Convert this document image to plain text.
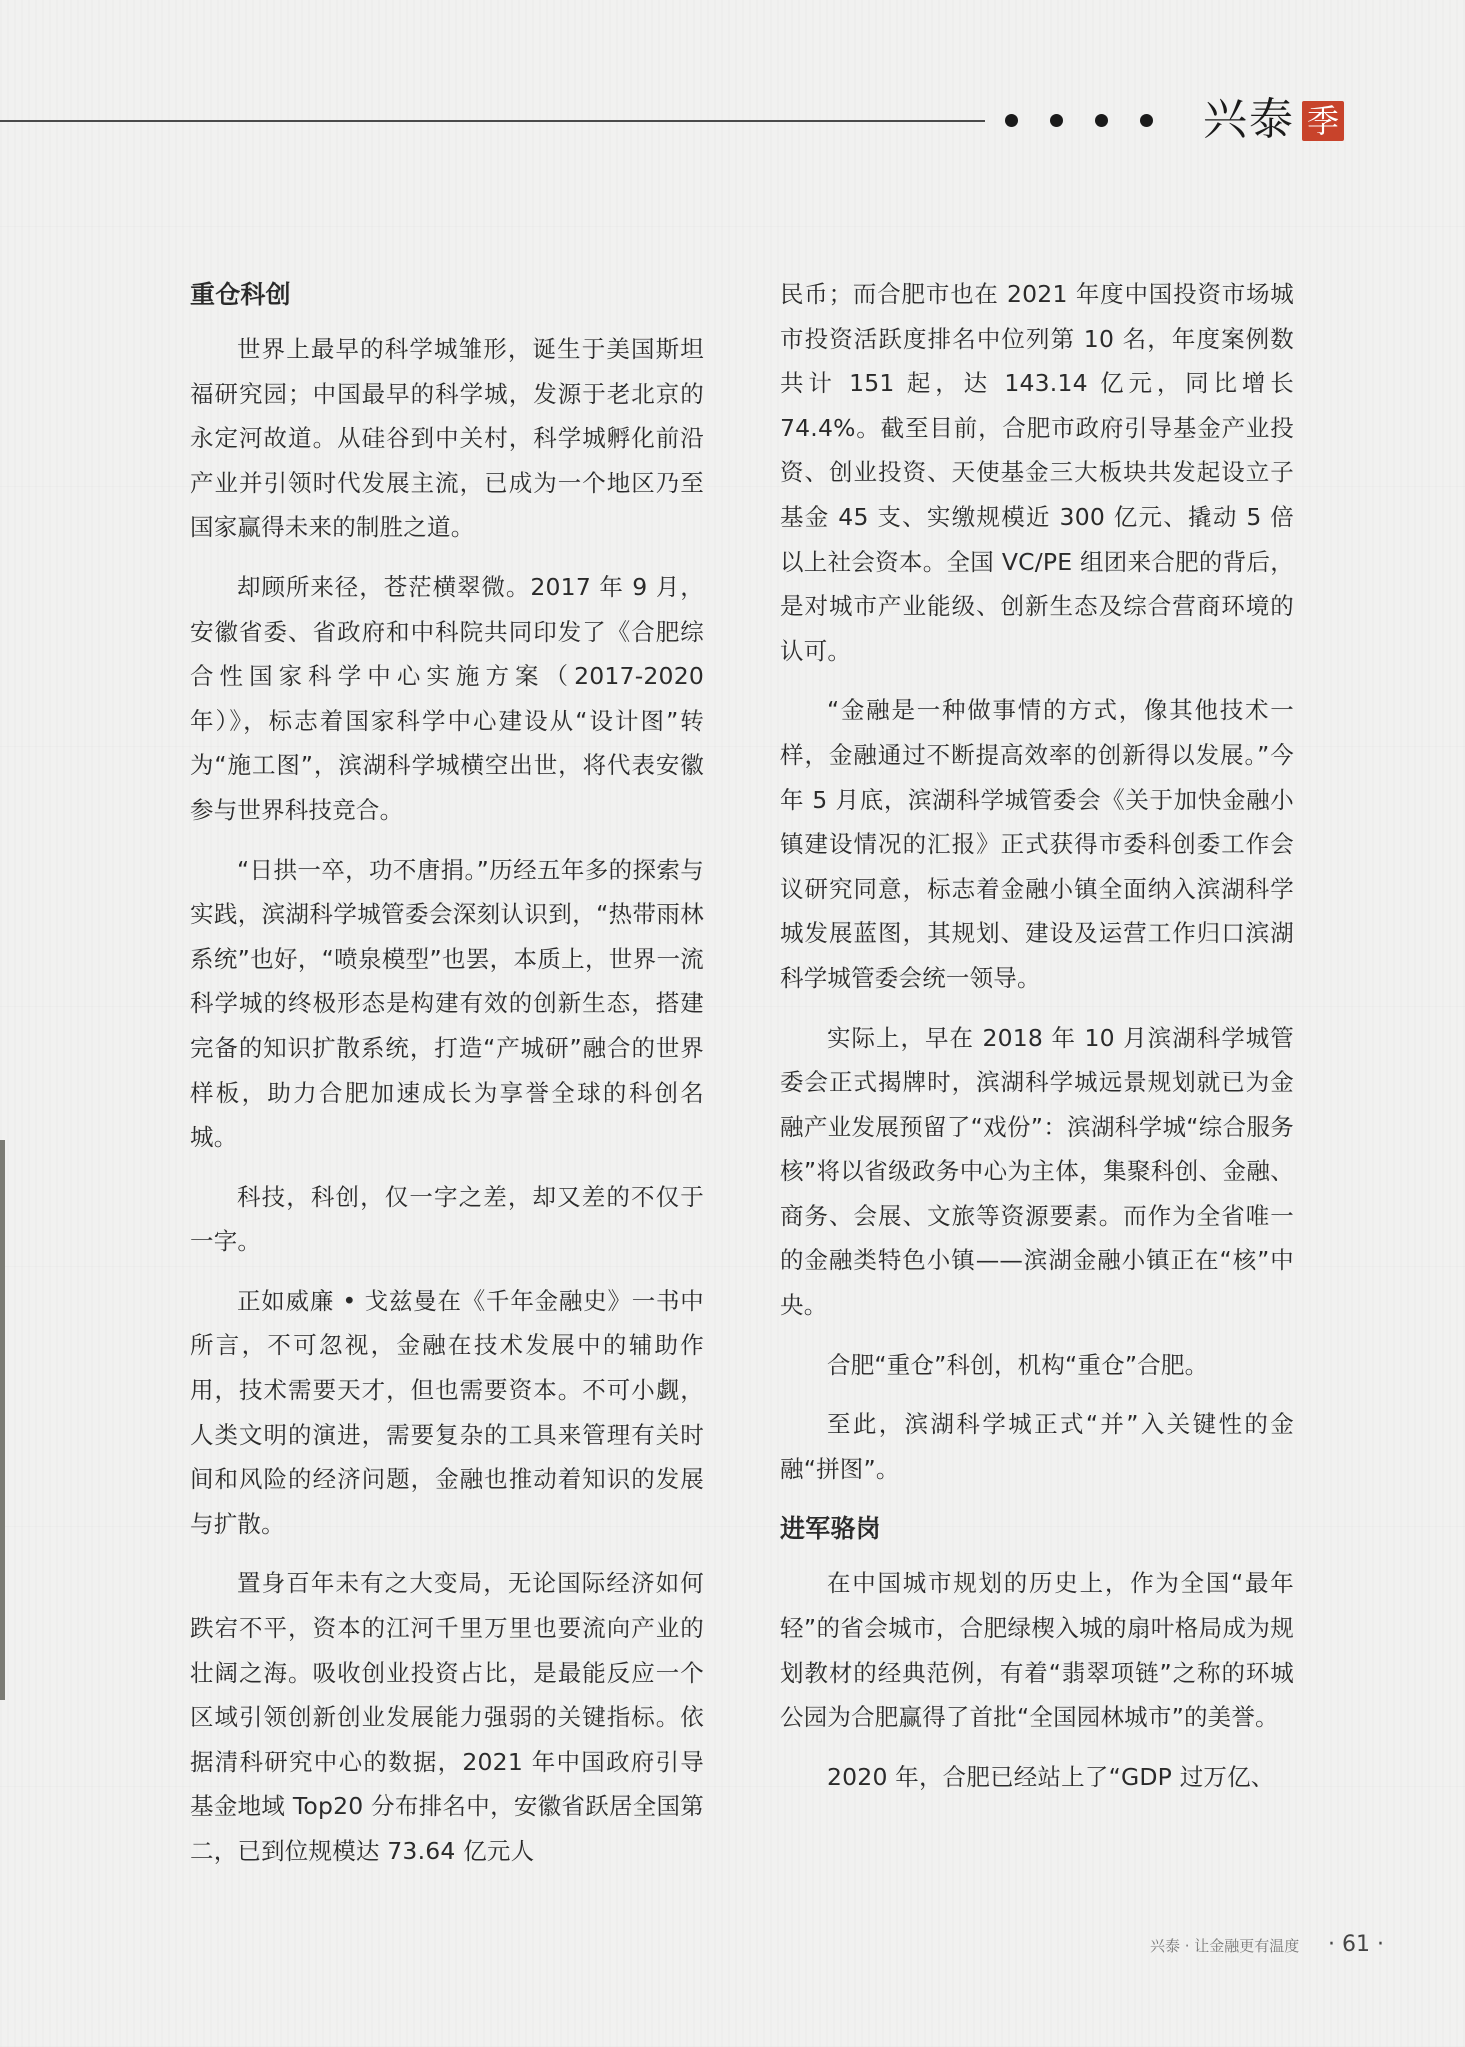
兴泰 季
重仓科创

世界上最早的科学城雏形，诞生于美国斯坦福研究园；中国最早的科学城，发源于老北京的永定河故道。从硅谷到中关村，科学城孵化前沿产业并引领时代发展主流，已成为一个地区乃至国家赢得未来的制胜之道。

却顾所来径，苍茫横翠微。2017 年 9 月，安徽省委、省政府和中科院共同印发了《合肥综合性国家科学中心实施方案（2017-2020 年）》，标志着国家科学中心建设从“设计图”转为“施工图”，滨湖科学城横空出世，将代表安徽参与世界科技竞合。

“日拱一卒，功不唐捐。”历经五年多的探索与实践，滨湖科学城管委会深刻认识到，“热带雨林系统”也好，“喷泉模型”也罢，本质上，世界一流科学城的终极形态是构建有效的创新生态，搭建完备的知识扩散系统，打造“产城研”融合的世界样板，助力合肥加速成长为享誉全球的科创名城。

科技，科创，仅一字之差，却又差的不仅于一字。

正如威廉 • 戈兹曼在《千年金融史》一书中所言，不可忽视，金融在技术发展中的辅助作用，技术需要天才，但也需要资本。不可小觑，人类文明的演进，需要复杂的工具来管理有关时间和风险的经济问题，金融也推动着知识的发展与扩散。

置身百年未有之大变局，无论国际经济如何跌宕不平，资本的江河千里万里也要流向产业的壮阔之海。吸收创业投资占比，是最能反应一个区域引领创新创业发展能力强弱的关键指标。依据清科研究中心的数据，2021 年中国政府引导基金地域 Top20 分布排名中，安徽省跃居全国第二，已到位规模达 73.64 亿元人

民币；而合肥市也在 2021 年度中国投资市场城市投资活跃度排名中位列第 10 名，年度案例数共计 151 起，达 143.14 亿元，同比增长 74.4%。截至目前，合肥市政府引导基金产业投资、创业投资、天使基金三大板块共发起设立子基金 45 支、实缴规模近 300 亿元、撬动 5 倍以上社会资本。全国 VC/PE 组团来合肥的背后，是对城市产业能级、创新生态及综合营商环境的认可。

“金融是一种做事情的方式，像其他技术一样，金融通过不断提高效率的创新得以发展。”今年 5 月底，滨湖科学城管委会《关于加快金融小镇建设情况的汇报》正式获得市委科创委工作会议研究同意，标志着金融小镇全面纳入滨湖科学城发展蓝图，其规划、建设及运营工作归口滨湖科学城管委会统一领导。

实际上，早在 2018 年 10 月滨湖科学城管委会正式揭牌时，滨湖科学城远景规划就已为金融产业发展预留了“戏份”：滨湖科学城“综合服务核”将以省级政务中心为主体，集聚科创、金融、商务、会展、文旅等资源要素。而作为全省唯一的金融类特色小镇——滨湖金融小镇正在“核”中央。

合肥“重仓”科创，机构“重仓”合肥。

至此，滨湖科学城正式“并”入关键性的金融“拼图”。

进军骆岗

在中国城市规划的历史上，作为全国“最年轻”的省会城市，合肥绿楔入城的扇叶格局成为规划教材的经典范例，有着“翡翠项链”之称的环城公园为合肥赢得了首批“全国园林城市”的美誉。

2020 年，合肥已经站上了“GDP 过万亿、

兴泰 · 让金融更有温度 · 61 ·
